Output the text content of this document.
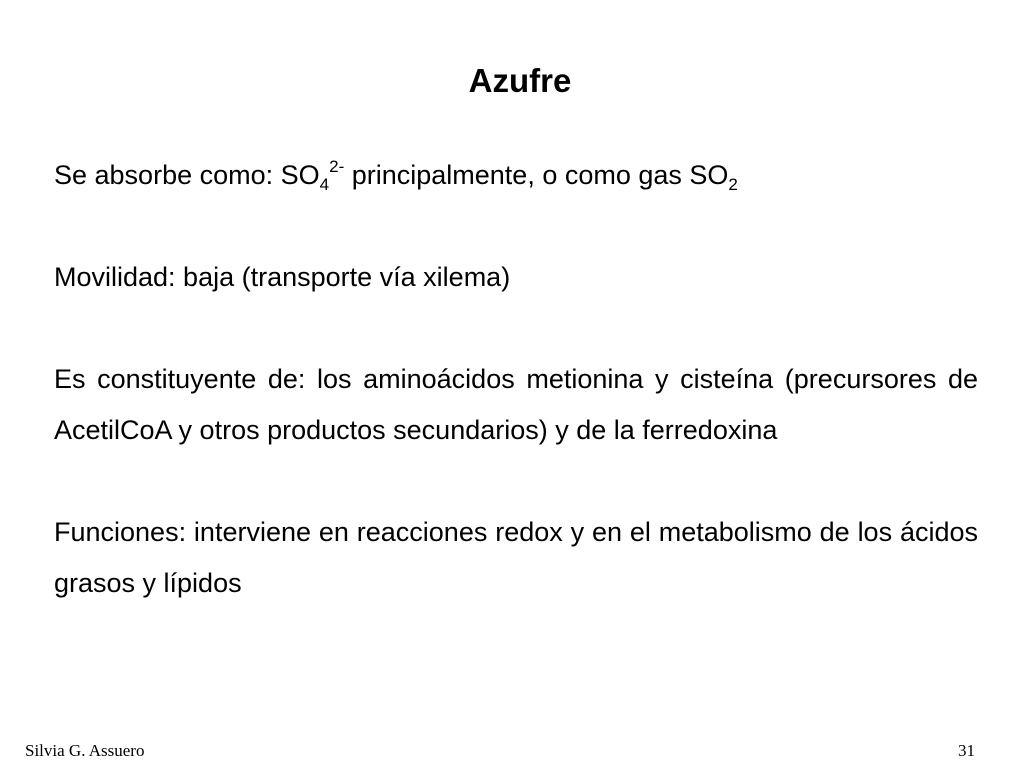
Azufre

Se absorbe como: $SO_4^{2-}$ principalmente, o como gas $SO_2$

Movilidad: baja (transporte vía xilema)

Es constituyente de: los aminoácidos metionina y cisteína (precursores de AcetilCoA y otros productos secundarios) y de la ferredoxina

Funciones: interviene en reacciones redox y en el metabolismo de los ácidos grasos y lípidos

Silvia G. Assuero	31
